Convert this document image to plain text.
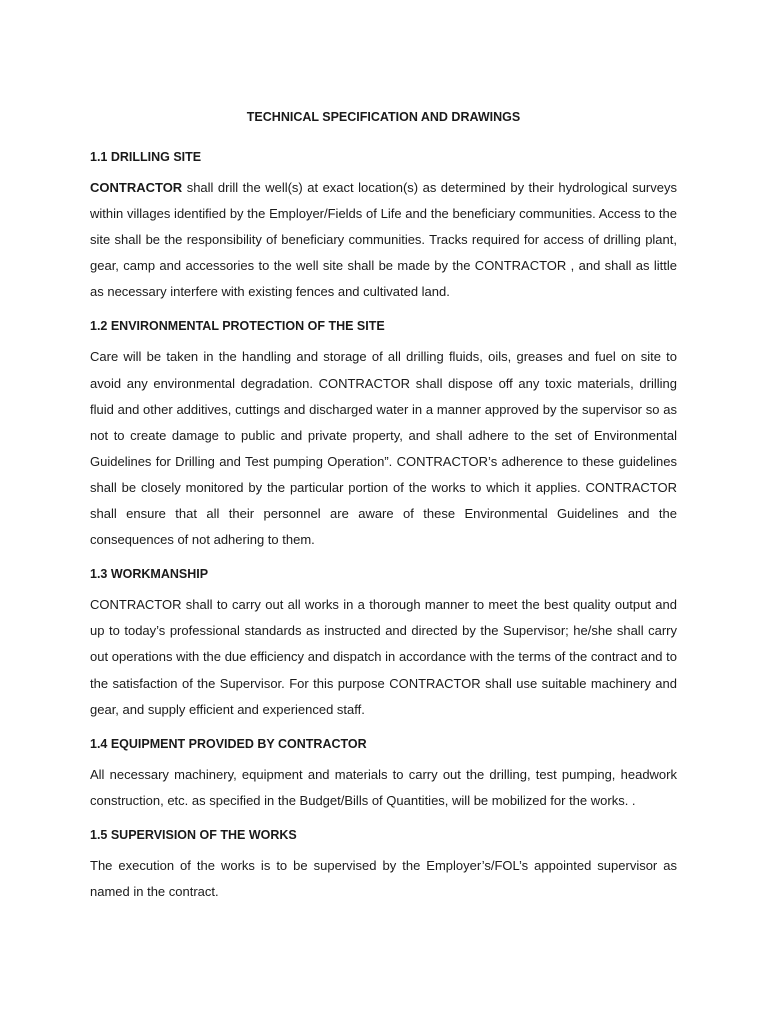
TECHNICAL SPECIFICATION AND DRAWINGS
1.1 DRILLING SITE

CONTRACTOR shall drill the well(s) at exact location(s) as determined by their hydrological surveys within villages identified by the Employer/Fields of Life and the beneficiary communities. Access to the site shall be the responsibility of beneficiary communities. Tracks required for access of drilling plant, gear, camp and accessories to the well site shall be made by the CONTRACTOR , and shall as little as necessary interfere with existing fences and cultivated land.

1.2 ENVIRONMENTAL PROTECTION OF THE SITE

Care will be taken in the handling and storage of all drilling fluids, oils, greases and fuel on site to avoid any environmental degradation. CONTRACTOR shall dispose off any toxic materials, drilling fluid and other additives, cuttings and discharged water in a manner approved by the supervisor so as not to create damage to public and private property, and shall adhere to the set of Environmental Guidelines for Drilling and Test pumping Operation”. CONTRACTOR’s adherence to these guidelines shall be closely monitored by the particular portion of the works to which it applies. CONTRACTOR shall ensure that all their personnel are aware of these Environmental Guidelines and the consequences of not adhering to them.

1.3 WORKMANSHIP

CONTRACTOR shall to carry out all works in a thorough manner to meet the best quality output and up to today’s professional standards as instructed and directed by the Supervisor; he/she shall carry out operations with the due efficiency and dispatch in accordance with the terms of the contract and to the satisfaction of the Supervisor. For this purpose CONTRACTOR shall use suitable machinery and gear, and supply efficient and experienced staff.

1.4 EQUIPMENT PROVIDED BY CONTRACTOR

All necessary machinery, equipment and materials to carry out the drilling, test pumping, headwork construction, etc. as specified in the Budget/Bills of Quantities, will be mobilized for the works. .

1.5 SUPERVISION OF THE WORKS

The execution of the works is to be supervised by the Employer’s/FOL’s appointed supervisor as named in the contract.
